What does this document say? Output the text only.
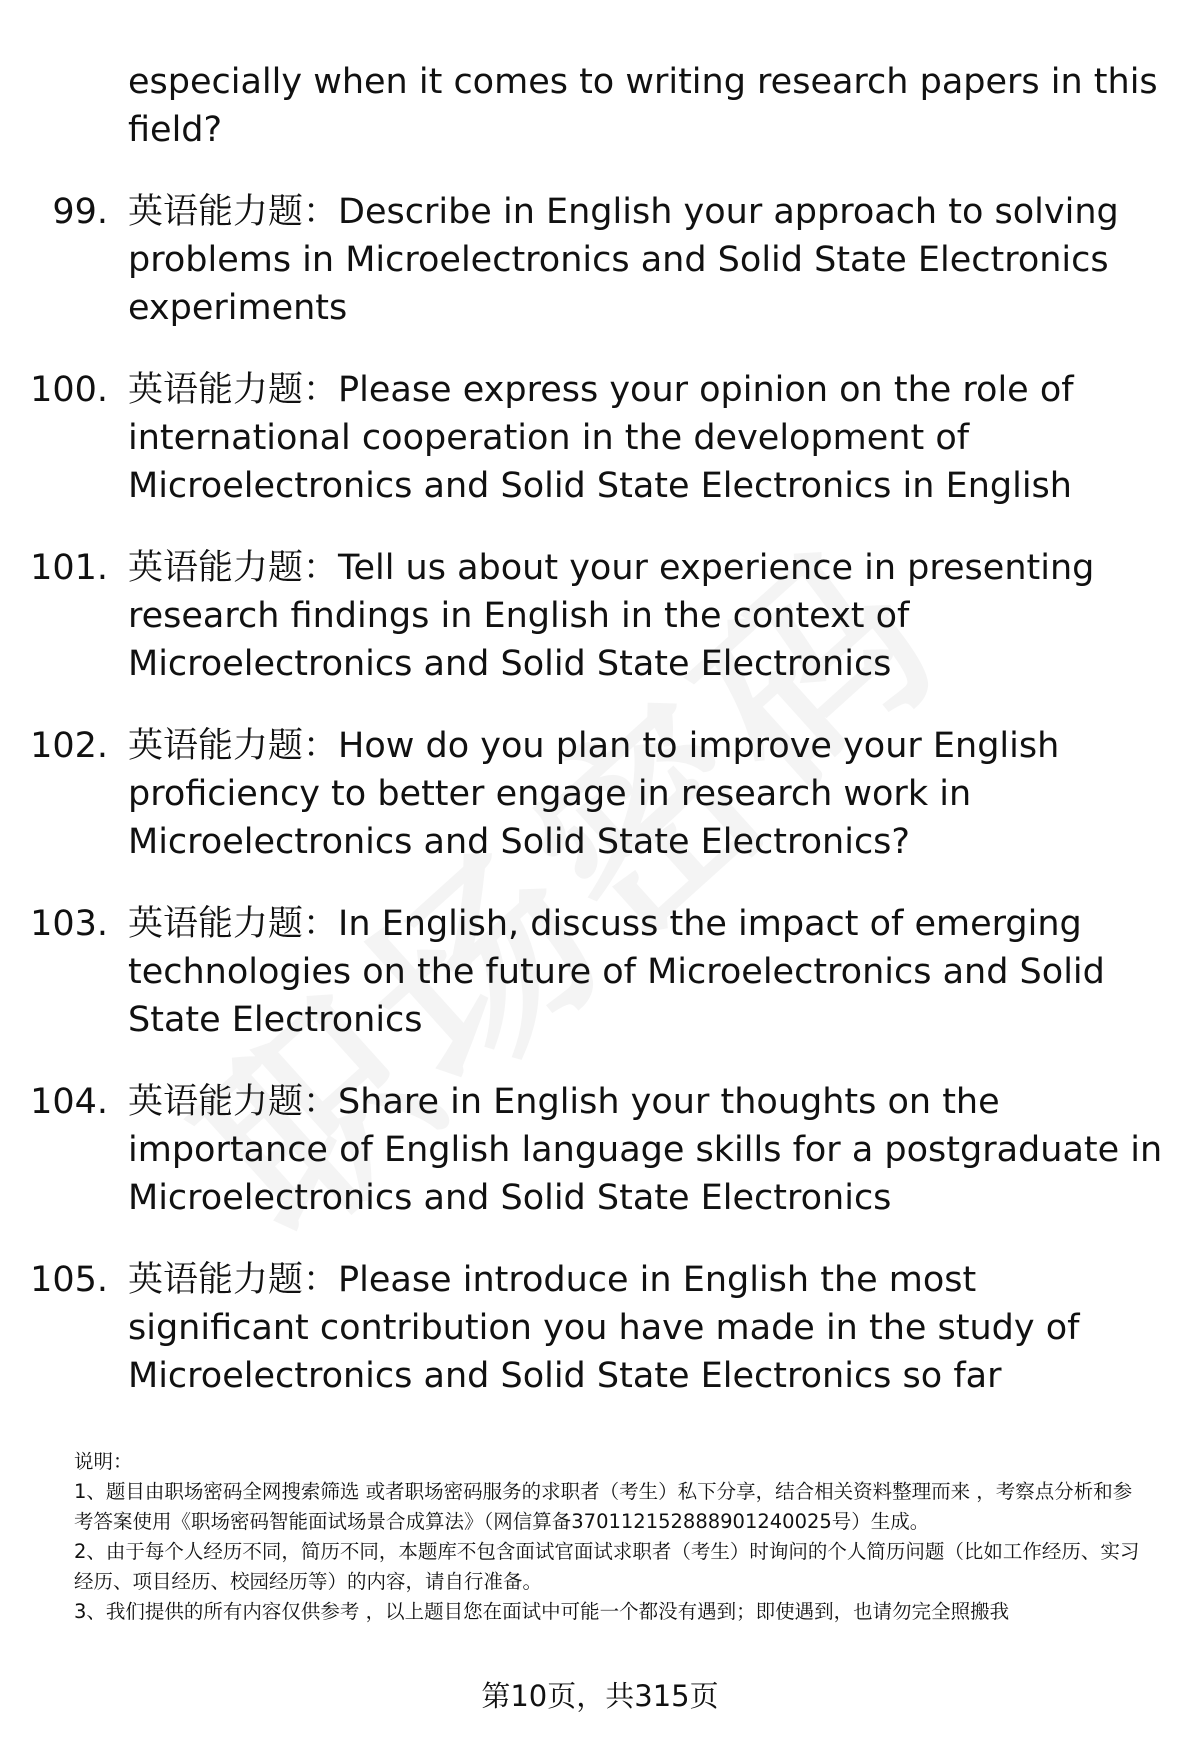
especially when it comes to writing research papers in this field?
99. 英语能力题：Describe in English your approach to solving problems in Microelectronics and Solid State Electronics experiments
100. 英语能力题：Please express your opinion on the role of international cooperation in the development of Microelectronics and Solid State Electronics in English
101. 英语能力题：Tell us about your experience in presenting research findings in English in the context of Microelectronics and Solid State Electronics
102. 英语能力题：How do you plan to improve your English proficiency to better engage in research work in Microelectronics and Solid State Electronics?
103. 英语能力题：In English, discuss the impact of emerging technologies on the future of Microelectronics and Solid State Electronics
104. 英语能力题：Share in English your thoughts on the importance of English language skills for a postgraduate in Microelectronics and Solid State Electronics
105. 英语能力题：Please introduce in English the most significant contribution you have made in the study of Microelectronics and Solid State Electronics so far

说明：

1、题目由职场密码全网搜索筛选 或者职场密码服务的求职者（考生）私下分享，结合相关资料整理而来 ，考察点分析和参考答案使用《职场密码智能面试场景合成算法》（网信算备370112152888901240025号）生成。

2、由于每个人经历不同，简历不同，本题库不包含面试官面试求职者（考生）时询问的个人简历问题（比如工作经历、实习经历、项目经历、校园经历等）的内容，请自行准备。

3、我们提供的所有内容仅供参考 ，以上题目您在面试中可能一个都没有遇到；即使遇到，也请勿完全照搬我

第10页，共315页
